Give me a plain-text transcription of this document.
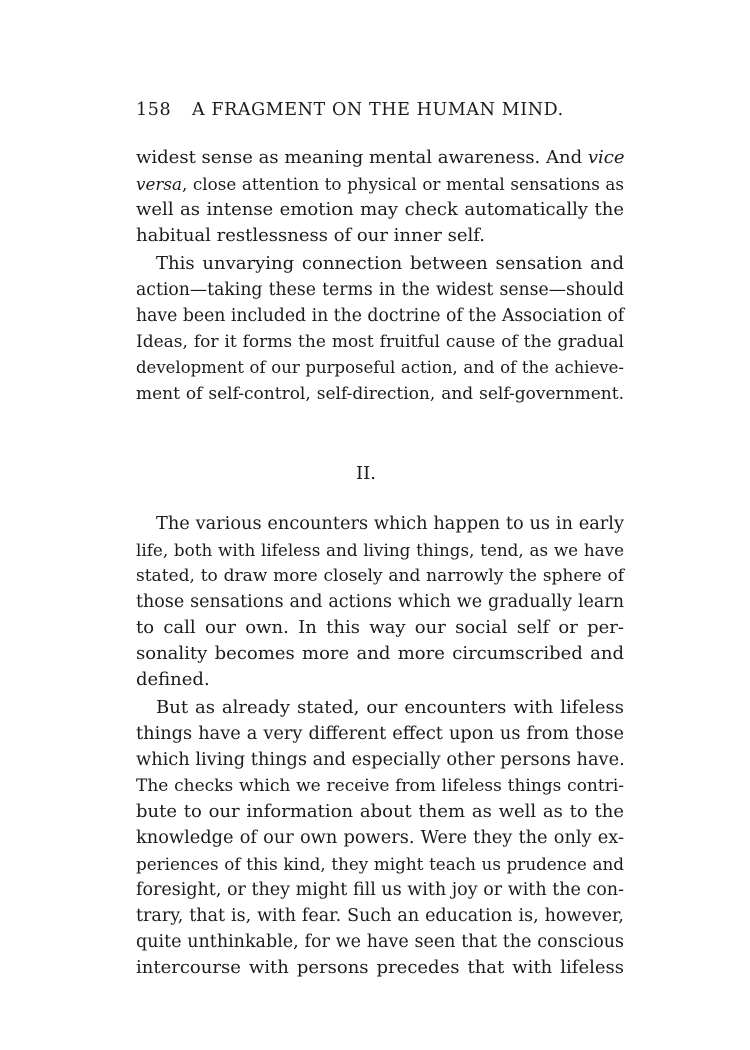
158 A FRAGMENT ON THE HUMAN MIND.
widest sense as meaning mental awareness. And vice
versa, close attention to physical or mental sensations as
well as intense emotion may check automatically the
habitual restlessness of our inner self.
This unvarying connection between sensation and
action—taking these terms in the widest sense—should
have been included in the doctrine of the Association of
Ideas, for it forms the most fruitful cause of the gradual
development of our purposeful action, and of the achieve-
ment of self-control, self-direction, and self-government.
II.
The various encounters which happen to us in early
life, both with lifeless and living things, tend, as we have
stated, to draw more closely and narrowly the sphere of
those sensations and actions which we gradually learn
to call our own. In this way our social self or per-
sonality becomes more and more circumscribed and
defined.
But as already stated, our encounters with lifeless
things have a very different effect upon us from those
which living things and especially other persons have.
The checks which we receive from lifeless things contri-
bute to our information about them as well as to the
knowledge of our own powers. Were they the only ex-
periences of this kind, they might teach us prudence and
foresight, or they might fill us with joy or with the con-
trary, that is, with fear. Such an education is, however,
quite unthinkable, for we have seen that the conscious
intercourse with persons precedes that with lifeless
